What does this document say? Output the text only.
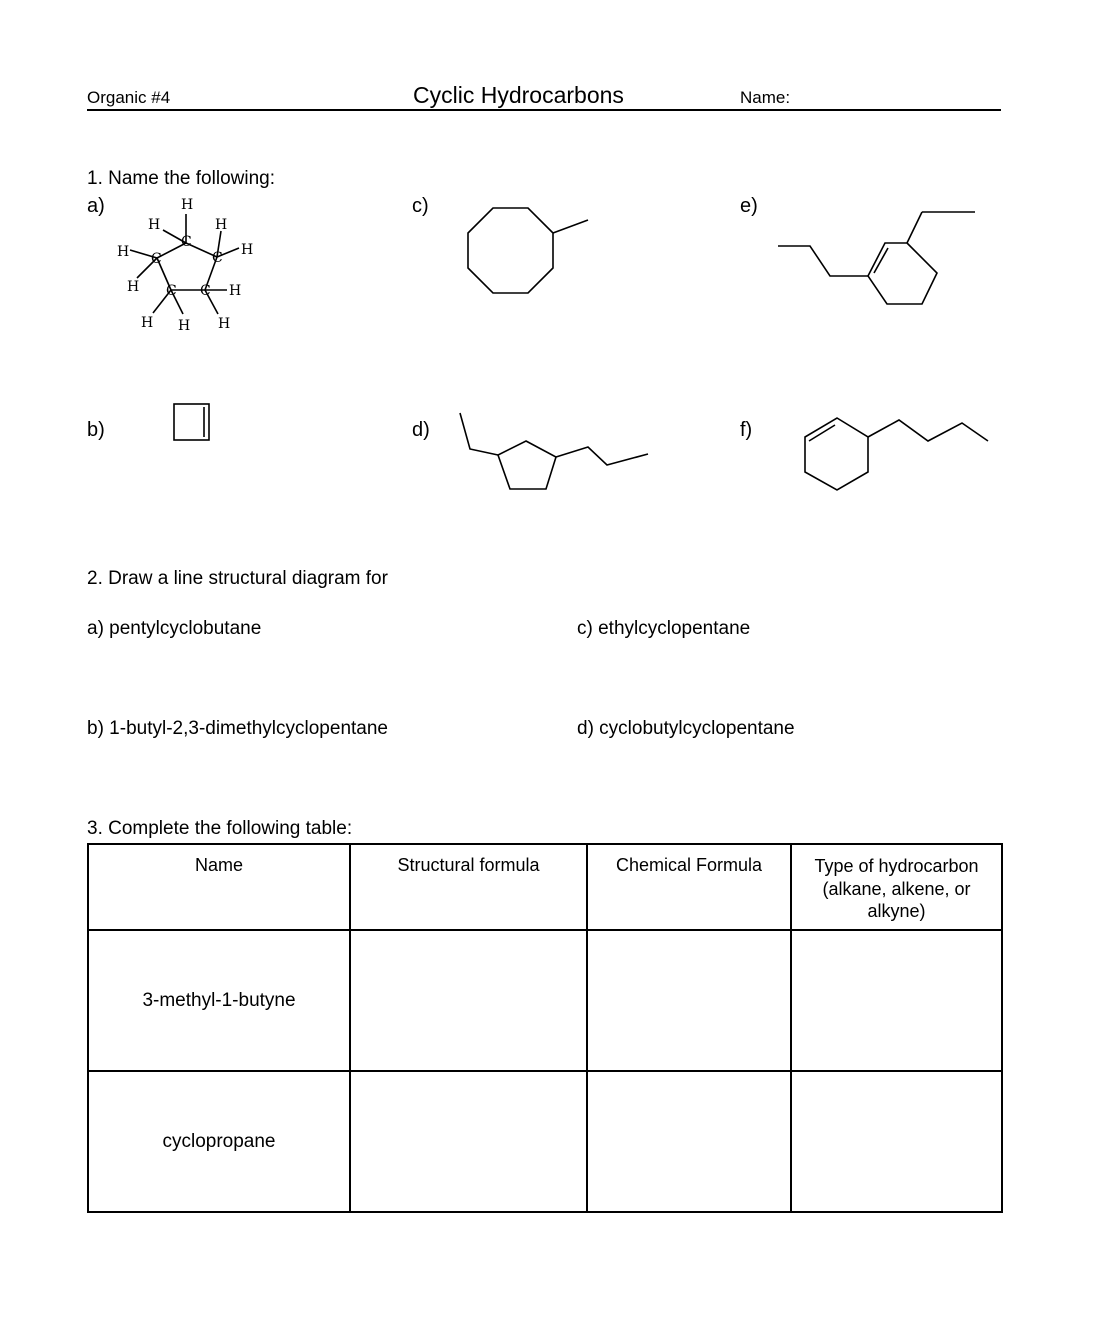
Organic #4	Cyclic Hydrocarbons	Name:
1. Name the following:
a)	c)	e)
b)	d)	f)
C
C
C
C C
H
H	H
H
H
H	H
H H H
2. Draw a line structural diagram for
a) pentylcyclobutane
b) 1-butyl-2,3-dimethylcyclopentane
c) ethylcyclopentane
d) cyclobutylcyclopentane
3. Complete the following table:
Name	Structural formula	Chemical Formula	Type of hydrocarbon
(alkane, alkene, or
alkyne)
3-methyl-1-butyne			
cyclopropane			
